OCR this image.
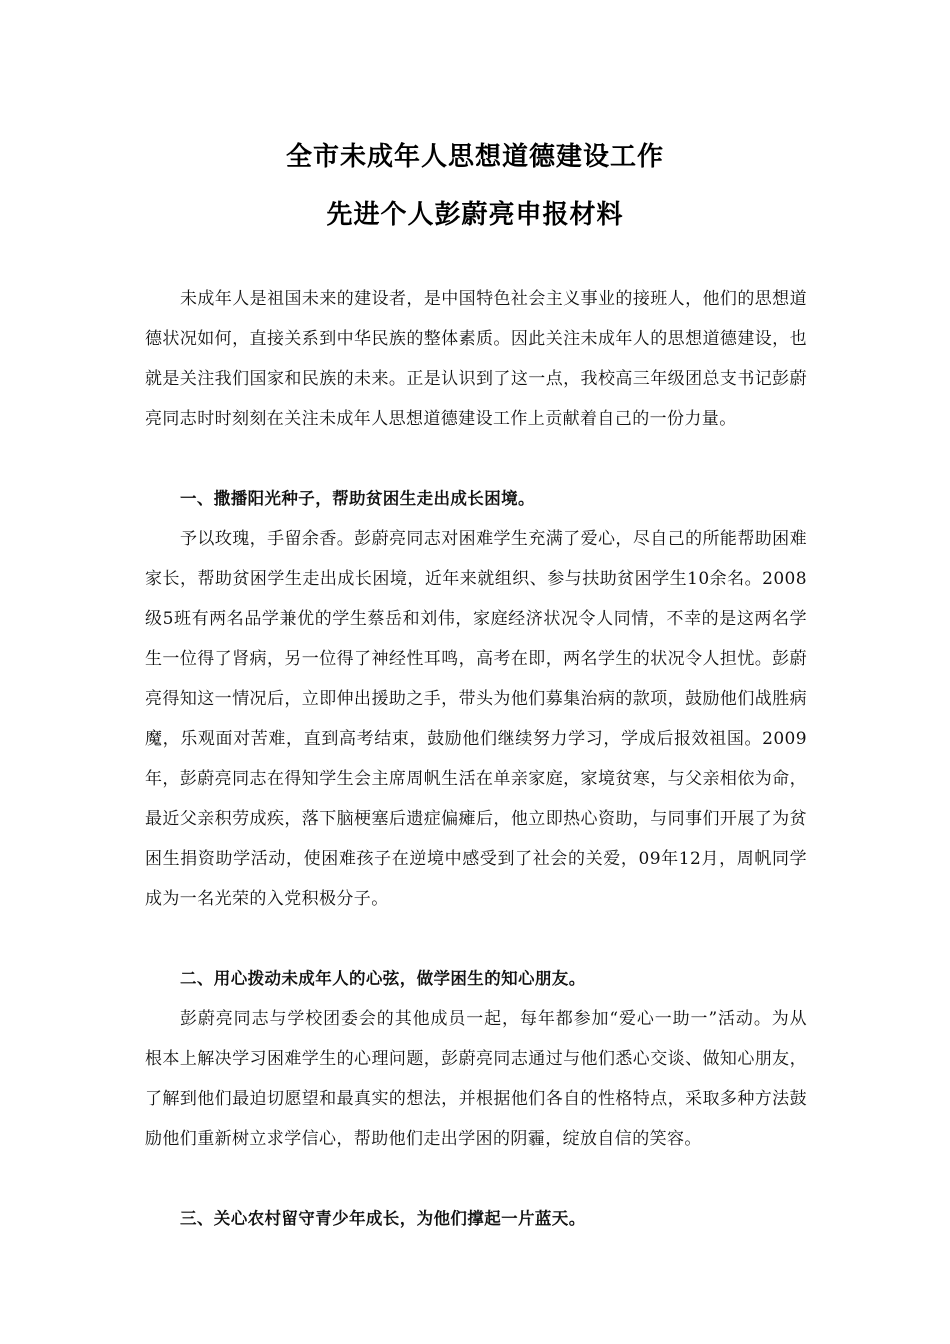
全市未成年人思想道德建设工作
先进个人彭蔚亮申报材料

未成年人是祖国未来的建设者，是中国特色社会主义事业的接班人，他们的思想道德状况如何，直接关系到中华民族的整体素质。因此关注未成年人的思想道德建设，也就是关注我们国家和民族的未来。正是认识到了这一点，我校高三年级团总支书记彭蔚亮同志时时刻刻在关注未成年人思想道德建设工作上贡献着自己的一份力量。

一、撒播阳光种子，帮助贫困生走出成长困境。

予以玫瑰，手留余香。彭蔚亮同志对困难学生充满了爱心，尽自己的所能帮助困难家长，帮助贫困学生走出成长困境，近年来就组织、参与扶助贫困学生10余名。2008级5班有两名品学兼优的学生蔡岳和刘伟，家庭经济状况令人同情，不幸的是这两名学生一位得了肾病，另一位得了神经性耳鸣，高考在即，两名学生的状况令人担忧。彭蔚亮得知这一情况后，立即伸出援助之手，带头为他们募集治病的款项，鼓励他们战胜病魔，乐观面对苦难，直到高考结束，鼓励他们继续努力学习，学成后报效祖国。2009 年，彭蔚亮同志在得知学生会主席周帆生活在单亲家庭，家境贫寒，与父亲相依为命，最近父亲积劳成疾，落下脑梗塞后遗症偏瘫后，他立即热心资助，与同事们开展了为贫困生捐资助学活动，使困难孩子在逆境中感受到了社会的关爱，09年12月，周帆同学成为一名光荣的入党积极分子。

二、用心拨动未成年人的心弦，做学困生的知心朋友。

彭蔚亮同志与学校团委会的其他成员一起，每年都参加“爱心一助一”活动。为从根本上解决学习困难学生的心理问题，彭蔚亮同志通过与他们悉心交谈、做知心朋友，了解到他们最迫切愿望和最真实的想法，并根据他们各自的性格特点，采取多种方法鼓励他们重新树立求学信心，帮助他们走出学困的阴霾，绽放自信的笑容。

三、关心农村留守青少年成长，为他们撑起一片蓝天。
